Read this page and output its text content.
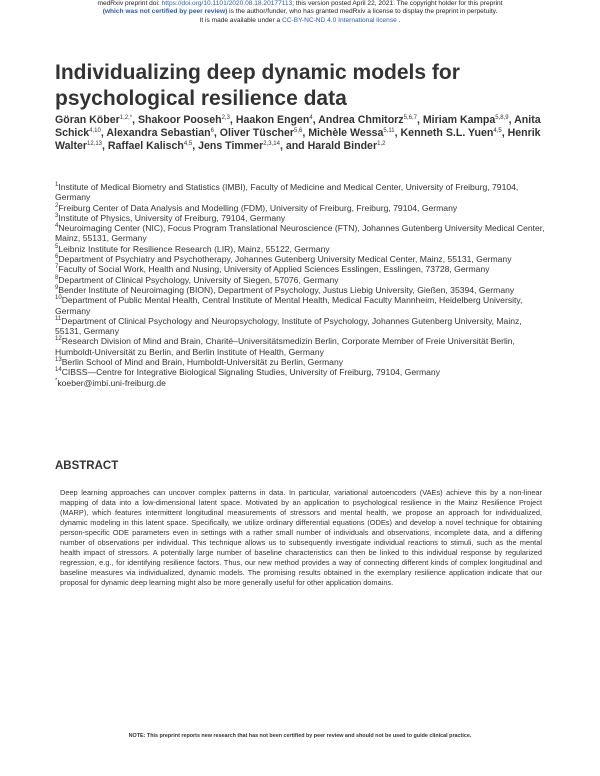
medRxiv preprint doi: https://doi.org/10.1101/2020.08.18.20177113; this version posted April 22, 2021. The copyright holder for this preprint
(which was not certified by peer review) is the author/funder, who has granted medRxiv a license to display the preprint in perpetuity.
It is made available under a CC-BY-NC-ND 4.0 International license .
Individualizing deep dynamic models for psychological resilience data
Göran Köber$^{1,2,*}$, Shakoor Pooseh$^{2,3}$, Haakon Engen$^4$, Andrea Chmitorz$^{5,6,7}$, Miriam Kampa$^{5,8,9}$, Anita Schick$^{4,10}$, Alexandra Sebastian$^6$, Oliver Tüscher$^{5,6}$, Michèle Wessa$^{5,11}$, Kenneth S.L. Yuen$^{4,5}$, Henrik Walter$^{12,13}$, Raffael Kalisch$^{4,5}$, Jens Timmer$^{2,3,14}$, and Harald Binder$^{1,2}$
$^1$Institute of Medical Biometry and Statistics (IMBI), Faculty of Medicine and Medical Center, University of Freiburg, 79104, Germany
$^2$Freiburg Center of Data Analysis and Modelling (FDM), University of Freiburg, Freiburg, 79104, Germany
$^3$Institute of Physics, University of Freiburg, 79104, Germany
$^4$Neuroimaging Center (NIC), Focus Program Translational Neuroscience (FTN), Johannes Gutenberg University Medical Center, Mainz, 55131, Germany
$^5$Leibniz Institute for Resilience Research (LIR), Mainz, 55122, Germany
$^6$Department of Psychiatry and Psychotherapy, Johannes Gutenberg University Medical Center, Mainz, 55131, Germany
$^7$Faculty of Social Work, Health and Nusing, University of Applied Sciences Esslingen, Esslingen, 73728, Germany
$^8$Department of Clinical Psychology, University of Siegen, 57076, Germany
$^9$Bender Institute of Neuroimaging (BION), Department of Psychology, Justus Liebig University, Gießen, 35394, Germany
$^{10}$Department of Public Mental Health, Central Institute of Mental Health, Medical Faculty Mannheim, Heidelberg University, Germany
$^{11}$Department of Clinical Psychology and Neuropsychology, Institute of Psychology, Johannes Gutenberg University, Mainz, 55131, Germany
$^{12}$Research Division of Mind and Brain, Charité–Universitätsmedizin Berlin, Corporate Member of Freie Universität Berlin, Humboldt-Universität zu Berlin, and Berlin Institute of Health, Germany
$^{13}$Berlin School of Mind and Brain, Humboldt-Universität zu Berlin, Germany
$^{14}$CIBSS—Centre for Integrative Biological Signaling Studies, University of Freiburg, 79104, Germany
*koeber@imbi.uni-freiburg.de
ABSTRACT
Deep learning approaches can uncover complex patterns in data. In particular, variational autoencoders (VAEs) achieve this by a non-linear mapping of data into a low-dimensional latent space. Motivated by an application to psychological resilience in the Mainz Resilience Project (MARP), which features intermittent longitudinal measurements of stressors and mental health, we propose an approach for individualized, dynamic modeling in this latent space. Specifically, we utilize ordinary differential equations (ODEs) and develop a novel technique for obtaining person-specific ODE parameters even in settings with a rather small number of individuals and observations, incomplete data, and a differing number of observations per individual. This technique allows us to subsequently investigate individual reactions to stimuli, such as the mental health impact of stressors. A potentially large number of baseline characteristics can then be linked to this individual response by regularized regression, e.g., for identifying resilience factors. Thus, our new method provides a way of connecting different kinds of complex longitudinal and baseline measures via individualized, dynamic models. The promising results obtained in the exemplary resilience application indicate that our proposal for dynamic deep learning might also be more generally useful for other application domains.
NOTE: This preprint reports new research that has not been certified by peer review and should not be used to guide clinical practice.
